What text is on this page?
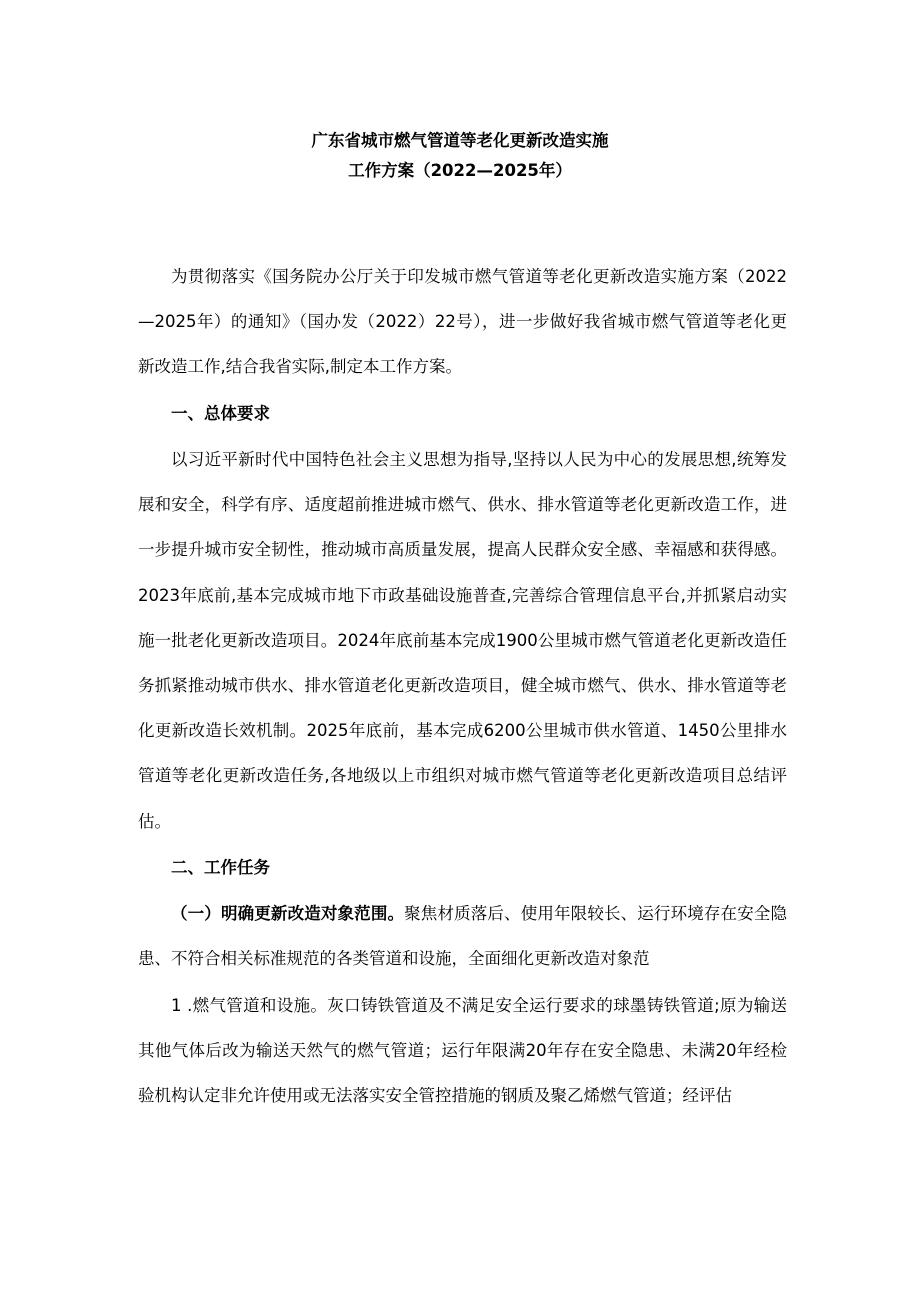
广东省城市燃气管道等老化更新改造实施
工作方案（2022—2025年）

为贯彻落实《国务院办公厅关于印发城市燃气管道等老化更新改造实施方案（2022—2025年）的通知》（国办发（2022）22号），进一步做好我省城市燃气管道等老化更新改造工作,结合我省实际,制定本工作方案。

一、总体要求

以习近平新时代中国特色社会主义思想为指导,坚持以人民为中心的发展思想,统筹发展和安全，科学有序、适度超前推进城市燃气、供水、排水管道等老化更新改造工作，进一步提升城市安全韧性，推动城市高质量发展，提高人民群众安全感、幸福感和获得感。2023年底前,基本完成城市地下市政基础设施普查,完善综合管理信息平台,并抓紧启动实施一批老化更新改造项目。2024年底前基本完成1900公里城市燃气管道老化更新改造任务抓紧推动城市供水、排水管道老化更新改造项目，健全城市燃气、供水、排水管道等老化更新改造长效机制。2025年底前，基本完成6200公里城市供水管道、1450公里排水管道等老化更新改造任务,各地级以上市组织对城市燃气管道等老化更新改造项目总结评估。

二、工作任务

（一）明确更新改造对象范围。聚焦材质落后、使用年限较长、运行环境存在安全隐患、不符合相关标准规范的各类管道和设施，全面细化更新改造对象范

1 .燃气管道和设施。灰口铸铁管道及不满足安全运行要求的球墨铸铁管道;原为输送其他气体后改为输送天然气的燃气管道；运行年限满20年存在安全隐患、未满20年经检验机构认定非允许使用或无法落实安全管控措施的钢质及聚乙烯燃气管道；经评估
